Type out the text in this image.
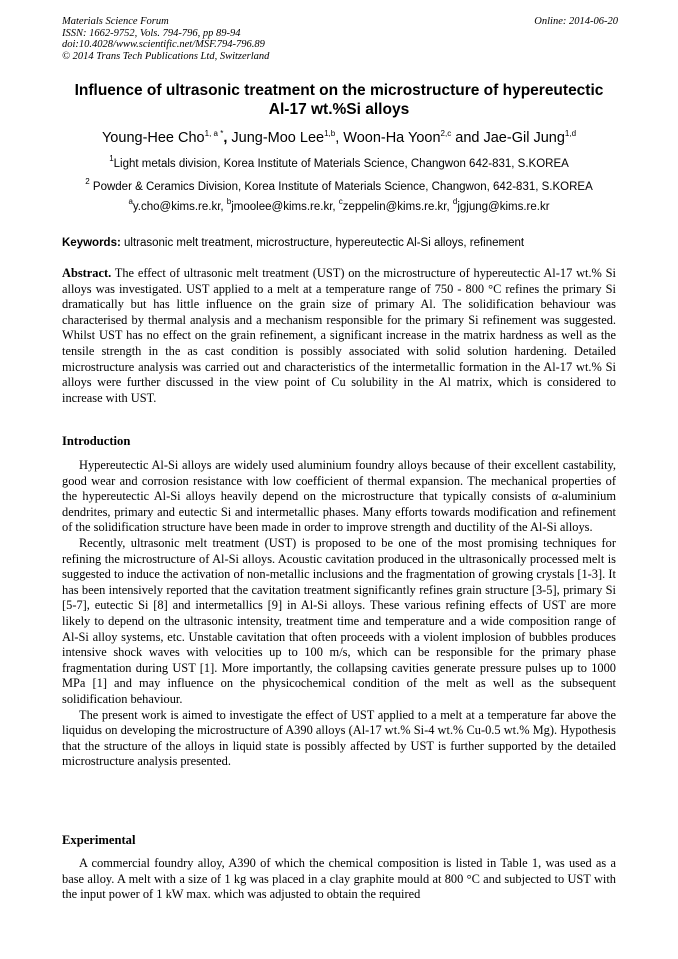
Materials Science Forum
ISSN: 1662-9752, Vols. 794-796, pp 89-94
doi:10.4028/www.scientific.net/MSF.794-796.89
© 2014 Trans Tech Publications Ltd, Switzerland
Online: 2014-06-20
Influence of ultrasonic treatment on the microstructure of hypereutectic
Al-17 wt.%Si alloys
Young-Hee Cho$^{1, a *}$, Jung-Moo Lee$^{1,b}$, Woon-Ha Yoon$^{2,c}$ and Jae-Gil Jung$^{1,d}$
$^1$Light metals division, Korea Institute of Materials Science, Changwon 642-831, S.KOREA
$^2$ Powder & Ceramics Division, Korea Institute of Materials Science, Changwon, 642-831, S.KOREA
$^a$y.cho@kims.re.kr, $^b$jmoolee@kims.re.kr, $^c$zeppelin@kims.re.kr, $^d$jgjung@kims.re.kr
Keywords: ultrasonic melt treatment, microstructure, hypereutectic Al-Si alloys, refinement

Abstract. The effect of ultrasonic melt treatment (UST) on the microstructure of hypereutectic Al-17 wt.% Si alloys was investigated. UST applied to a melt at a temperature range of 750 - 800 °C refines the primary Si dramatically but has little influence on the grain size of primary Al. The solidification behaviour was characterised by thermal analysis and a mechanism responsible for the primary Si refinement was suggested. Whilst UST has no effect on the grain refinement, a significant increase in the matrix hardness as well as the tensile strength in the as cast condition is possibly associated with solid solution hardening. Detailed microstructure analysis was carried out and characteristics of the intermetallic formation in the Al-17 wt.% Si alloys were further discussed in the view point of Cu solubility in the Al matrix, which is considered to increase with UST.

Introduction

Hypereutectic Al-Si alloys are widely used aluminium foundry alloys because of their excellent castability, good wear and corrosion resistance with low coefficient of thermal expansion. The mechanical properties of the hypereutectic Al-Si alloys heavily depend on the microstructure that typically consists of α-aluminium dendrites, primary and eutectic Si and intermetallic phases. Many efforts towards modification and refinement of the solidification structure have been made in order to improve strength and ductility of the Al-Si alloys.

Recently, ultrasonic melt treatment (UST) is proposed to be one of the most promising techniques for refining the microstructure of Al-Si alloys. Acoustic cavitation produced in the ultrasonically processed melt is suggested to induce the activation of non-metallic inclusions and the fragmentation of growing crystals [1-3]. It has been intensively reported that the cavitation treatment significantly refines grain structure [3-5], primary Si [5-7], eutectic Si [8] and intermetallics [9] in Al-Si alloys. These various refining effects of UST are more likely to depend on the ultrasonic intensity, treatment time and temperature and a wide composition range of Al-Si alloy systems, etc. Unstable cavitation that often proceeds with a violent implosion of bubbles produces intensive shock waves with velocities up to 100 m/s, which can be responsible for the primary phase fragmentation during UST [1]. More importantly, the collapsing cavities generate pressure pulses up to 1000 MPa [1] and may influence on the physicochemical condition of the melt as well as the subsequent solidification behaviour.

The present work is aimed to investigate the effect of UST applied to a melt at a temperature far above the liquidus on developing the microstructure of A390 alloys (Al-17 wt.% Si-4 wt.% Cu-0.5 wt.% Mg). Hypothesis that the structure of the alloys in liquid state is possibly affected by UST is further supported by the detailed microstructure analysis presented.

Experimental

A commercial foundry alloy, A390 of which the chemical composition is listed in Table 1, was used as a base alloy. A melt with a size of 1 kg was placed in a clay graphite mould at 800 °C and subjected to UST with the input power of 1 kW max. which was adjusted to obtain the required
